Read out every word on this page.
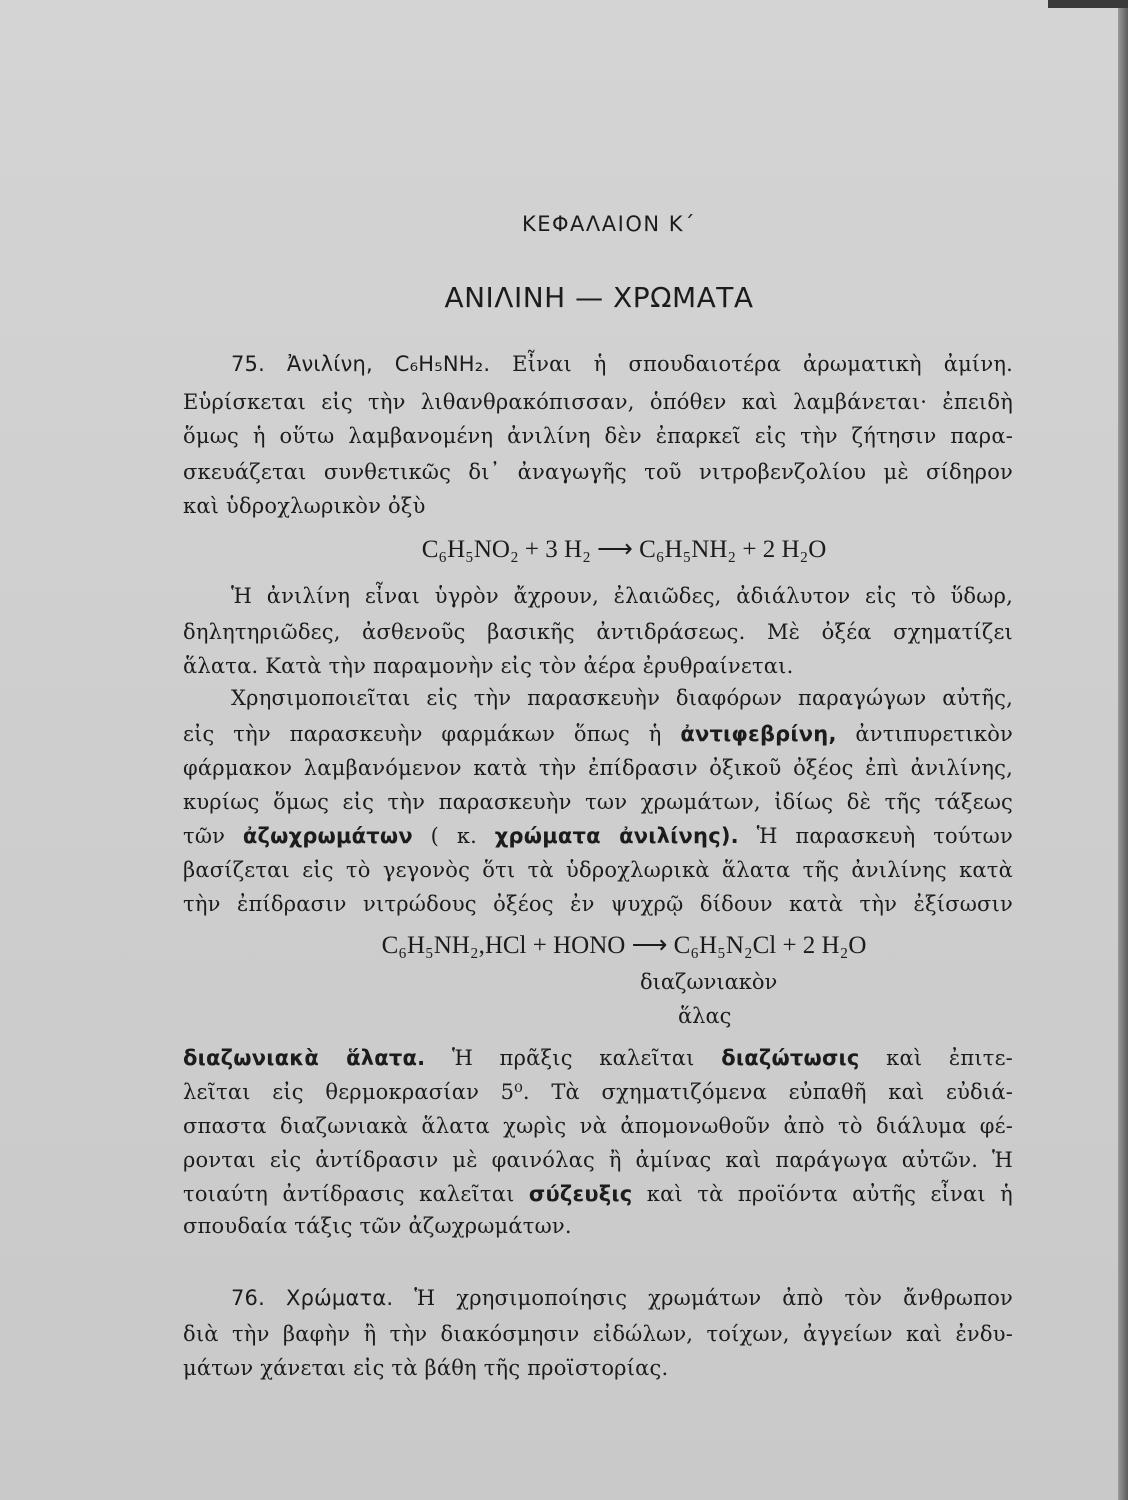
ΚΕΦΑΛΑΙΟΝ Κ΄
ΑΝΙΛΙΝΗ — ΧΡΩΜΑΤΑ
75. Ἀνιλίνη, C₆H₅NH₂. Εἶναι ἡ σπουδαιοτέρα ἀρωματικὴ ἀμίνη.
Εὑρίσκεται εἰς τὴν λιθανθρακόπισσαν, ὁπόθεν καὶ λαμβάνεται· ἐπειδὴ
ὅμως ἡ οὕτω λαμβανομένη ἀνιλίνη δὲν ἐπαρκεῖ εἰς τὴν ζήτησιν παρα-
σκευάζεται συνθετικῶς δι᾽ ἀναγωγῆς τοῦ νιτροβενζολίου μὲ σίδηρον
καὶ ὑδροχλωρικὸν ὀξὺ
C₆H₅NO₂ + 3 H₂ ⟶ C₆H₅NH₂ + 2 H₂O
Ἡ ἀνιλίνη εἶναι ὑγρὸν ἄχρουν, ἐλαιῶδες, ἀδιάλυτον εἰς τὸ ὕδωρ,
δηλητηριῶδες, ἀσθενοῦς βασικῆς ἀντιδράσεως. Μὲ ὀξέα σχηματίζει
ἅλατα. Κατὰ τὴν παραμονὴν εἰς τὸν ἀέρα ἐρυθραίνεται.
Χρησιμοποιεῖται εἰς τὴν παρασκευὴν διαφόρων παραγώγων αὐτῆς,
εἰς τὴν παρασκευὴν φαρμάκων ὅπως ἡ ἀντιφεβρίνη, ἀντιπυρετικὸν
φάρμακον λαμβανόμενον κατὰ τὴν ἐπίδρασιν ὀξικοῦ ὀξέος ἐπὶ ἀνιλίνης,
κυρίως ὅμως εἰς τὴν παρασκευὴν των χρωμάτων, ἰδίως δὲ τῆς τάξεως
τῶν ἀζωχρωμάτων ( κ. χρώματα ἀνιλίνης). Ἡ παρασκευὴ τούτων
βασίζεται εἰς τὸ γεγονὸς ὅτι τὰ ὑδροχλωρικὰ ἅλατα τῆς ἀνιλίνης κατὰ
τὴν ἐπίδρασιν νιτρώδους ὀξέος ἐν ψυχρῷ δίδουν κατὰ τὴν ἐξίσωσιν
C₆H₅NH₂,HCl + HONO ⟶ C₆H₅N₂Cl + 2 H₂O
διαζωνιακὸν
ἅλας
διαζωνιακὰ ἅλατα. Ἡ πρᾶξις καλεῖται διαζώτωσις καὶ ἐπιτε-
λεῖται εἰς θερμοκρασίαν 5⁰. Τὰ σχηματιζόμενα εὐπαθῆ καὶ εὐδιά-
σπαστα διαζωνιακὰ ἅλατα χωρὶς νὰ ἀπομονωθοῦν ἀπὸ τὸ διάλυμα φέ-
ρονται εἰς ἀντίδρασιν μὲ φαινόλας ἢ ἀμίνας καὶ παράγωγα αὐτῶν. Ἡ
τοιαύτη ἀντίδρασις καλεῖται σύζευξις καὶ τὰ προϊόντα αὐτῆς εἶναι ἡ
σπουδαία τάξις τῶν ἀζωχρωμάτων.
76. Χρώματα. Ἡ χρησιμοποίησις χρωμάτων ἀπὸ τὸν ἄνθρωπον
διὰ τὴν βαφὴν ἢ τὴν διακόσμησιν εἰδώλων, τοίχων, ἀγγείων καὶ ἐνδυ-
μάτων χάνεται εἰς τὰ βάθη τῆς προϊστορίας.
